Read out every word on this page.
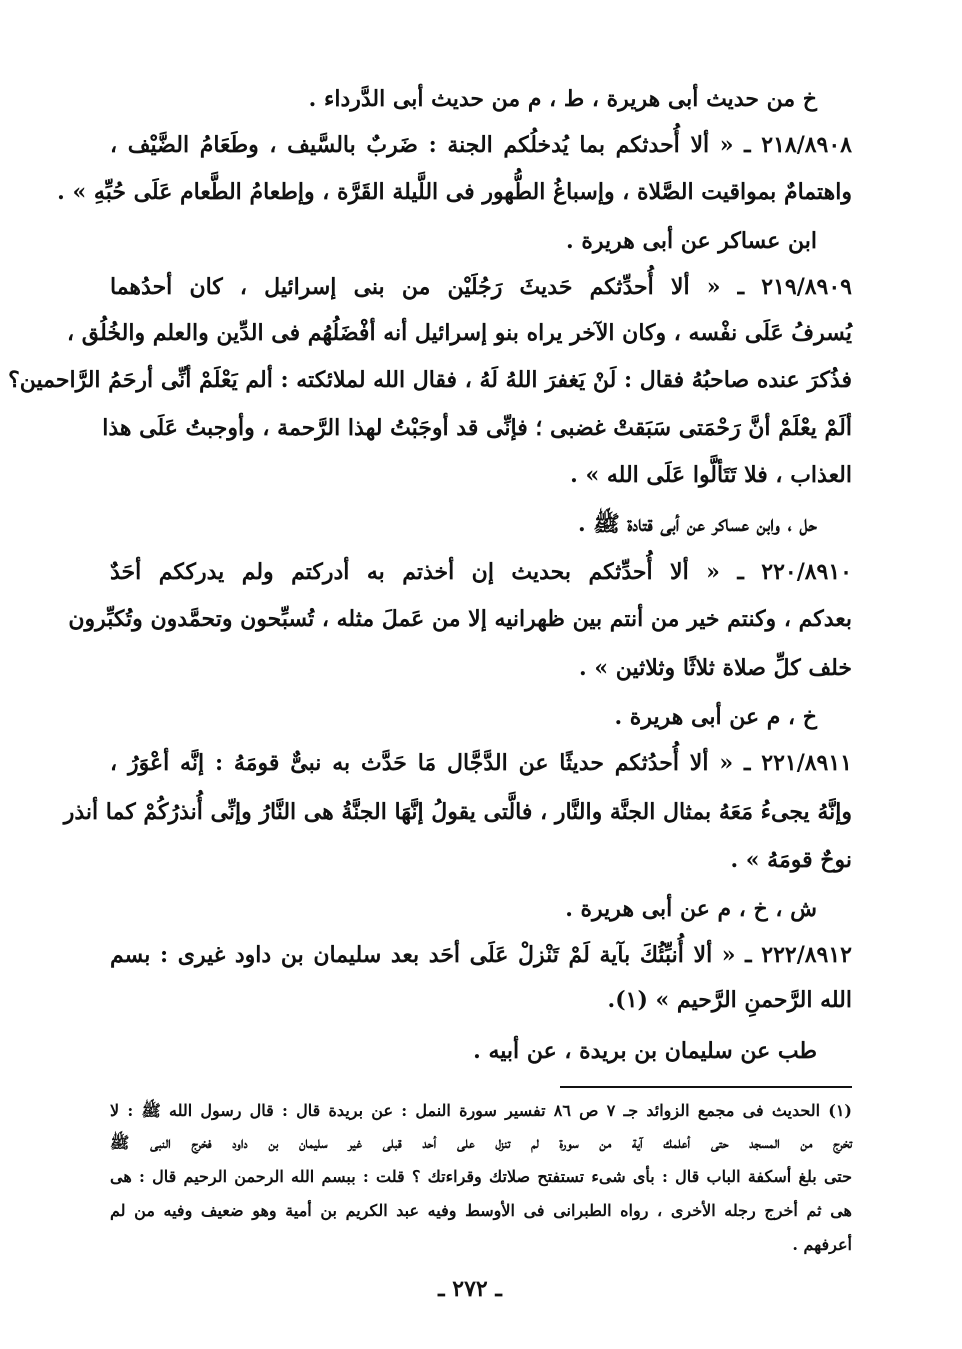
خ من حديث أبى هريرة ، ط ، م من حديث أبى الدَّرداء .
٢١٨/٨٩٠٨ ـ « ألا أُحدثكم بما يُدخلُكم الجنة : ضَربٌ بالسَّيف ، وطَعَامُ الضَّيْف ،
واهتمامٌ بمواقيت الصَّلاة ، وإسباغُ الطُّهور فى اللَّيلة القَرَّة ، وإطعامُ الطَّعام عَلَى حُبِّهِ » .
ابن عساكر عن أبى هريرة .
٢١٩/٨٩٠٩ ـ « ألا أُحدِّثكم حَديثَ رَجُلَيْن من بنى إسرائيل ، كان أحدُهما
يُسرفُ عَلَى نفْسه ، وكان الآخر يراه بنو إسرائيل أنه أفْضَلُهُم فى الدِّين والعلم والخُلُق ،
فذُكرَ عنده صاحبُهُ فقال : لَنْ يَغفرَ اللهُ لَهُ ، فقال الله لملائكته : ألم يَعْلَمْ أنِّى أرحَمُ الرَّاحمين؟
ألَمْ يعْلَمْ أنَّ رَحْمَتى سَبَقتْ غضبى ؛ فإنِّى قد أوجَبْتُ لهذا الرَّحمة ، وأوجبتُ عَلَى هذا
العذاب ، فلا تَتَألَّوا عَلَى الله » .
حل ، وابن عساكر عن أبى قتادة ﷺ .
٢٢٠/٨٩١٠ ـ « ألا أُحدِّثكم بحديث إن أخذتم به أدركتم ولم يدرككم أحَدٌ
بعدكم ، وكنتم خير من أنتم بين ظهرانيه إلا من عَملَ مثله ، تُسبِّحون وتحمَّدون وتُكبِّرون
خلف كلِّ صلاة ثلاثًا وثلاثين » .
خ ، م عن أبى هريرة .
٢٢١/٨٩١١ ـ « ألا أُحدُثكم حديثًا عن الدَّجَّال مَا حَدَّث به نبىٌّ قومَهُ : إنَّه أعْوَرُ ،
وإنَّهُ يجىءُ مَعَهُ بمثال الجنَّة والنَّار ، فالَّتى يقولُ إنَّهَا الجنَّةُ هى النَّارُ وإنِّى أُنذرُكُمْ كما أنذر
نوحٌ قومَهُ » .
ش ، خ ، م عن أبى هريرة .
٢٢٢/٨٩١٢ ـ « ألا أُنبِّئُكَ بآية لَمْ تَنْزلْ عَلَى أحَد بعد سليمان بن داود غيرى : بسم
الله الرَّحمنِ الرَّحيم » (١).
طب عن سليمان بن بريدة ، عن أبيه .
(١) الحديث فى مجمع الزوائد جـ ٧ ص ٨٦ تفسير سورة النمل : عن بريدة قال : قال رسول الله ﷺ : لا
تخرج من المسجد حتى أعلمك آية من سورة لم تنزل على أحد قبلى غير سليمان بن داود فخرج النبى ﷺ
حتى بلغ أسكفة الباب قال : بأى شىء تستفتح صلاتك وقراءتك ؟ قلت : ببسم الله الرحمن الرحيم قال : هى
هى ثم أخرج رجله الأخرى ، رواه الطبرانى فى الأوسط وفيه عبد الكريم بن أمية وهو ضعيف وفيه من لم
أعرفهم .
ـ ٢٧٢ ـ
